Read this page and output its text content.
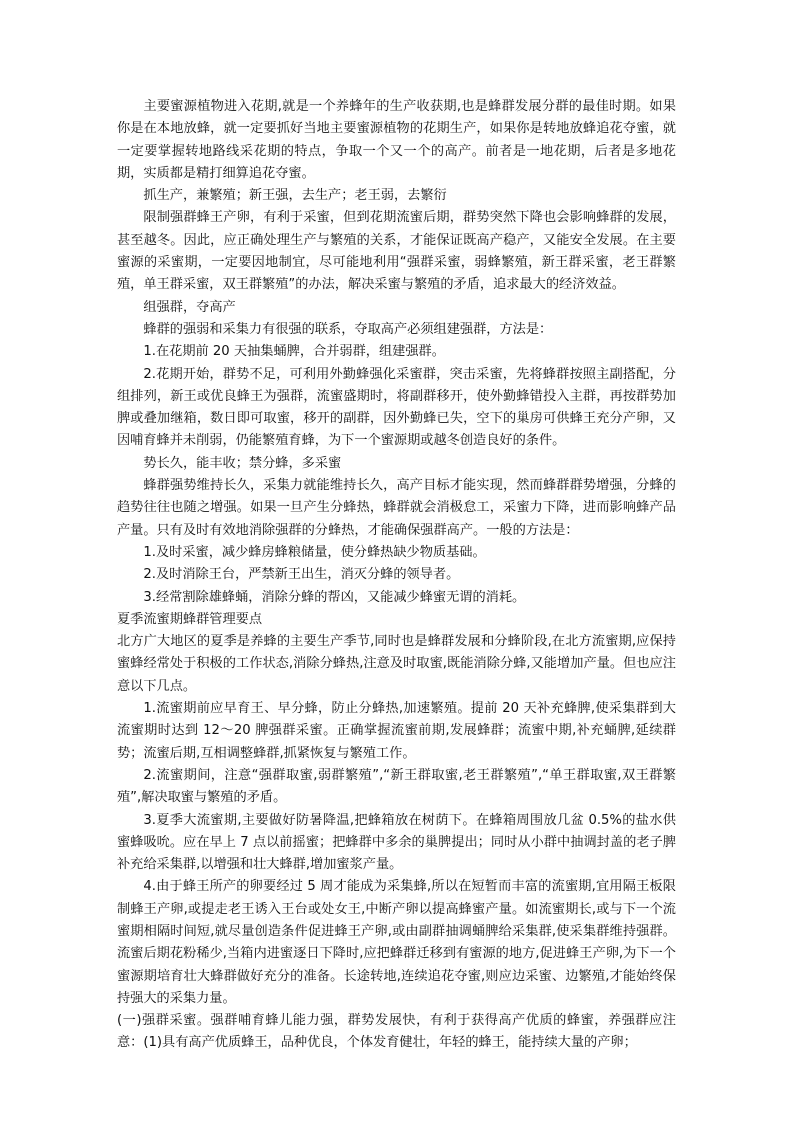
主要蜜源植物进入花期,就是一个养蜂年的生产收获期,也是蜂群发展分群的最佳时期。如果你是在本地放蜂，就一定要抓好当地主要蜜源植物的花期生产，如果你是转地放蜂追花夺蜜，就一定要掌握转地路线采花期的特点，争取一个又一个的高产。前者是一地花期，后者是多地花期，实质都是精打细算追花夺蜜。

抓生产，兼繁殖；新王强，去生产；老王弱，去繁衍

限制强群蜂王产卵，有利于采蜜，但到花期流蜜后期，群势突然下降也会影响蜂群的发展，甚至越冬。因此，应正确处理生产与繁殖的关系，才能保证既高产稳产，又能安全发展。在主要蜜源的采蜜期，一定要因地制宜，尽可能地利用“强群采蜜，弱蜂繁殖，新王群采蜜，老王群繁殖，单王群采蜜，双王群繁殖”的办法，解决采蜜与繁殖的矛盾，追求最大的经济效益。

组强群，夺高产

蜂群的强弱和采集力有很强的联系，夺取高产必须组建强群，方法是：

1.在花期前 20 天抽集蛹脾，合并弱群，组建强群。

2.花期开始，群势不足，可利用外勤蜂强化采蜜群，突击采蜜，先将蜂群按照主副搭配，分组排列，新王或优良蜂王为强群，流蜜盛期时，将副群移开，使外勤蜂错投入主群，再按群势加脾或叠加继箱，数日即可取蜜，移开的副群，因外勤蜂已失，空下的巢房可供蜂王充分产卵，又因哺育蜂并未削弱，仍能繁殖育蜂，为下一个蜜源期或越冬创造良好的条件。

势长久，能丰收；禁分蜂，多采蜜

蜂群强势维持长久，采集力就能维持长久，高产目标才能实现，然而蜂群群势增强，分蜂的趋势往往也随之增强。如果一旦产生分蜂热，蜂群就会消极怠工，采蜜力下降，进而影响蜂产品产量。只有及时有效地消除强群的分蜂热，才能确保强群高产。一般的方法是：

1.及时采蜜，减少蜂房蜂粮储量，使分蜂热缺少物质基础。

2.及时消除王台，严禁新王出生，消灭分蜂的领导者。

3.经常割除雄蜂蛹，消除分蜂的帮凶，又能减少蜂蜜无谓的消耗。

夏季流蜜期蜂群管理要点

北方广大地区的夏季是养蜂的主要生产季节,同时也是蜂群发展和分蜂阶段,在北方流蜜期,应保持蜜蜂经常处于积极的工作状态,消除分蜂热,注意及时取蜜,既能消除分蜂,又能增加产量。但也应注意以下几点。

1.流蜜期前应早育王、早分蜂，防止分蜂热,加速繁殖。提前 20 天补充蜂脾,使采集群到大流蜜期时达到 12～20 脾强群采蜜。正确掌握流蜜前期,发展蜂群；流蜜中期,补充蛹脾,延续群势；流蜜后期,互相调整蜂群,抓紧恢复与繁殖工作。

2.流蜜期间，注意“强群取蜜,弱群繁殖”,“新王群取蜜,老王群繁殖”,“单王群取蜜,双王群繁殖”,解决取蜜与繁殖的矛盾。

3.夏季大流蜜期,主要做好防暑降温,把蜂箱放在树荫下。在蜂箱周围放几盆 0.5%的盐水供蜜蜂吸吮。应在早上 7 点以前摇蜜；把蜂群中多余的巢脾提出；同时从小群中抽调封盖的老子脾补充给采集群,以增强和壮大蜂群,增加蜜浆产量。

4.由于蜂王所产的卵要经过 5 周才能成为采集蜂,所以在短暂而丰富的流蜜期,宜用隔王板限制蜂王产卵,或提走老王诱入王台或处女王,中断产卵以提高蜂蜜产量。如流蜜期长,或与下一个流蜜期相隔时间短,就尽量创造条件促进蜂王产卵,或由副群抽调蛹脾给采集群,使采集群维持强群。流蜜后期花粉稀少,当箱内进蜜逐日下降时,应把蜂群迁移到有蜜源的地方,促进蜂王产卵,为下一个蜜源期培育壮大蜂群做好充分的准备。长途转地,连续追花夺蜜,则应边采蜜、边繁殖,才能始终保持强大的采集力量。

(一)强群采蜜。强群哺育蜂儿能力强，群势发展快，有利于获得高产优质的蜂蜜，养强群应注意：(1)具有高产优质蜂王，品种优良，个体发育健壮，年轻的蜂王，能持续大量的产卵；
